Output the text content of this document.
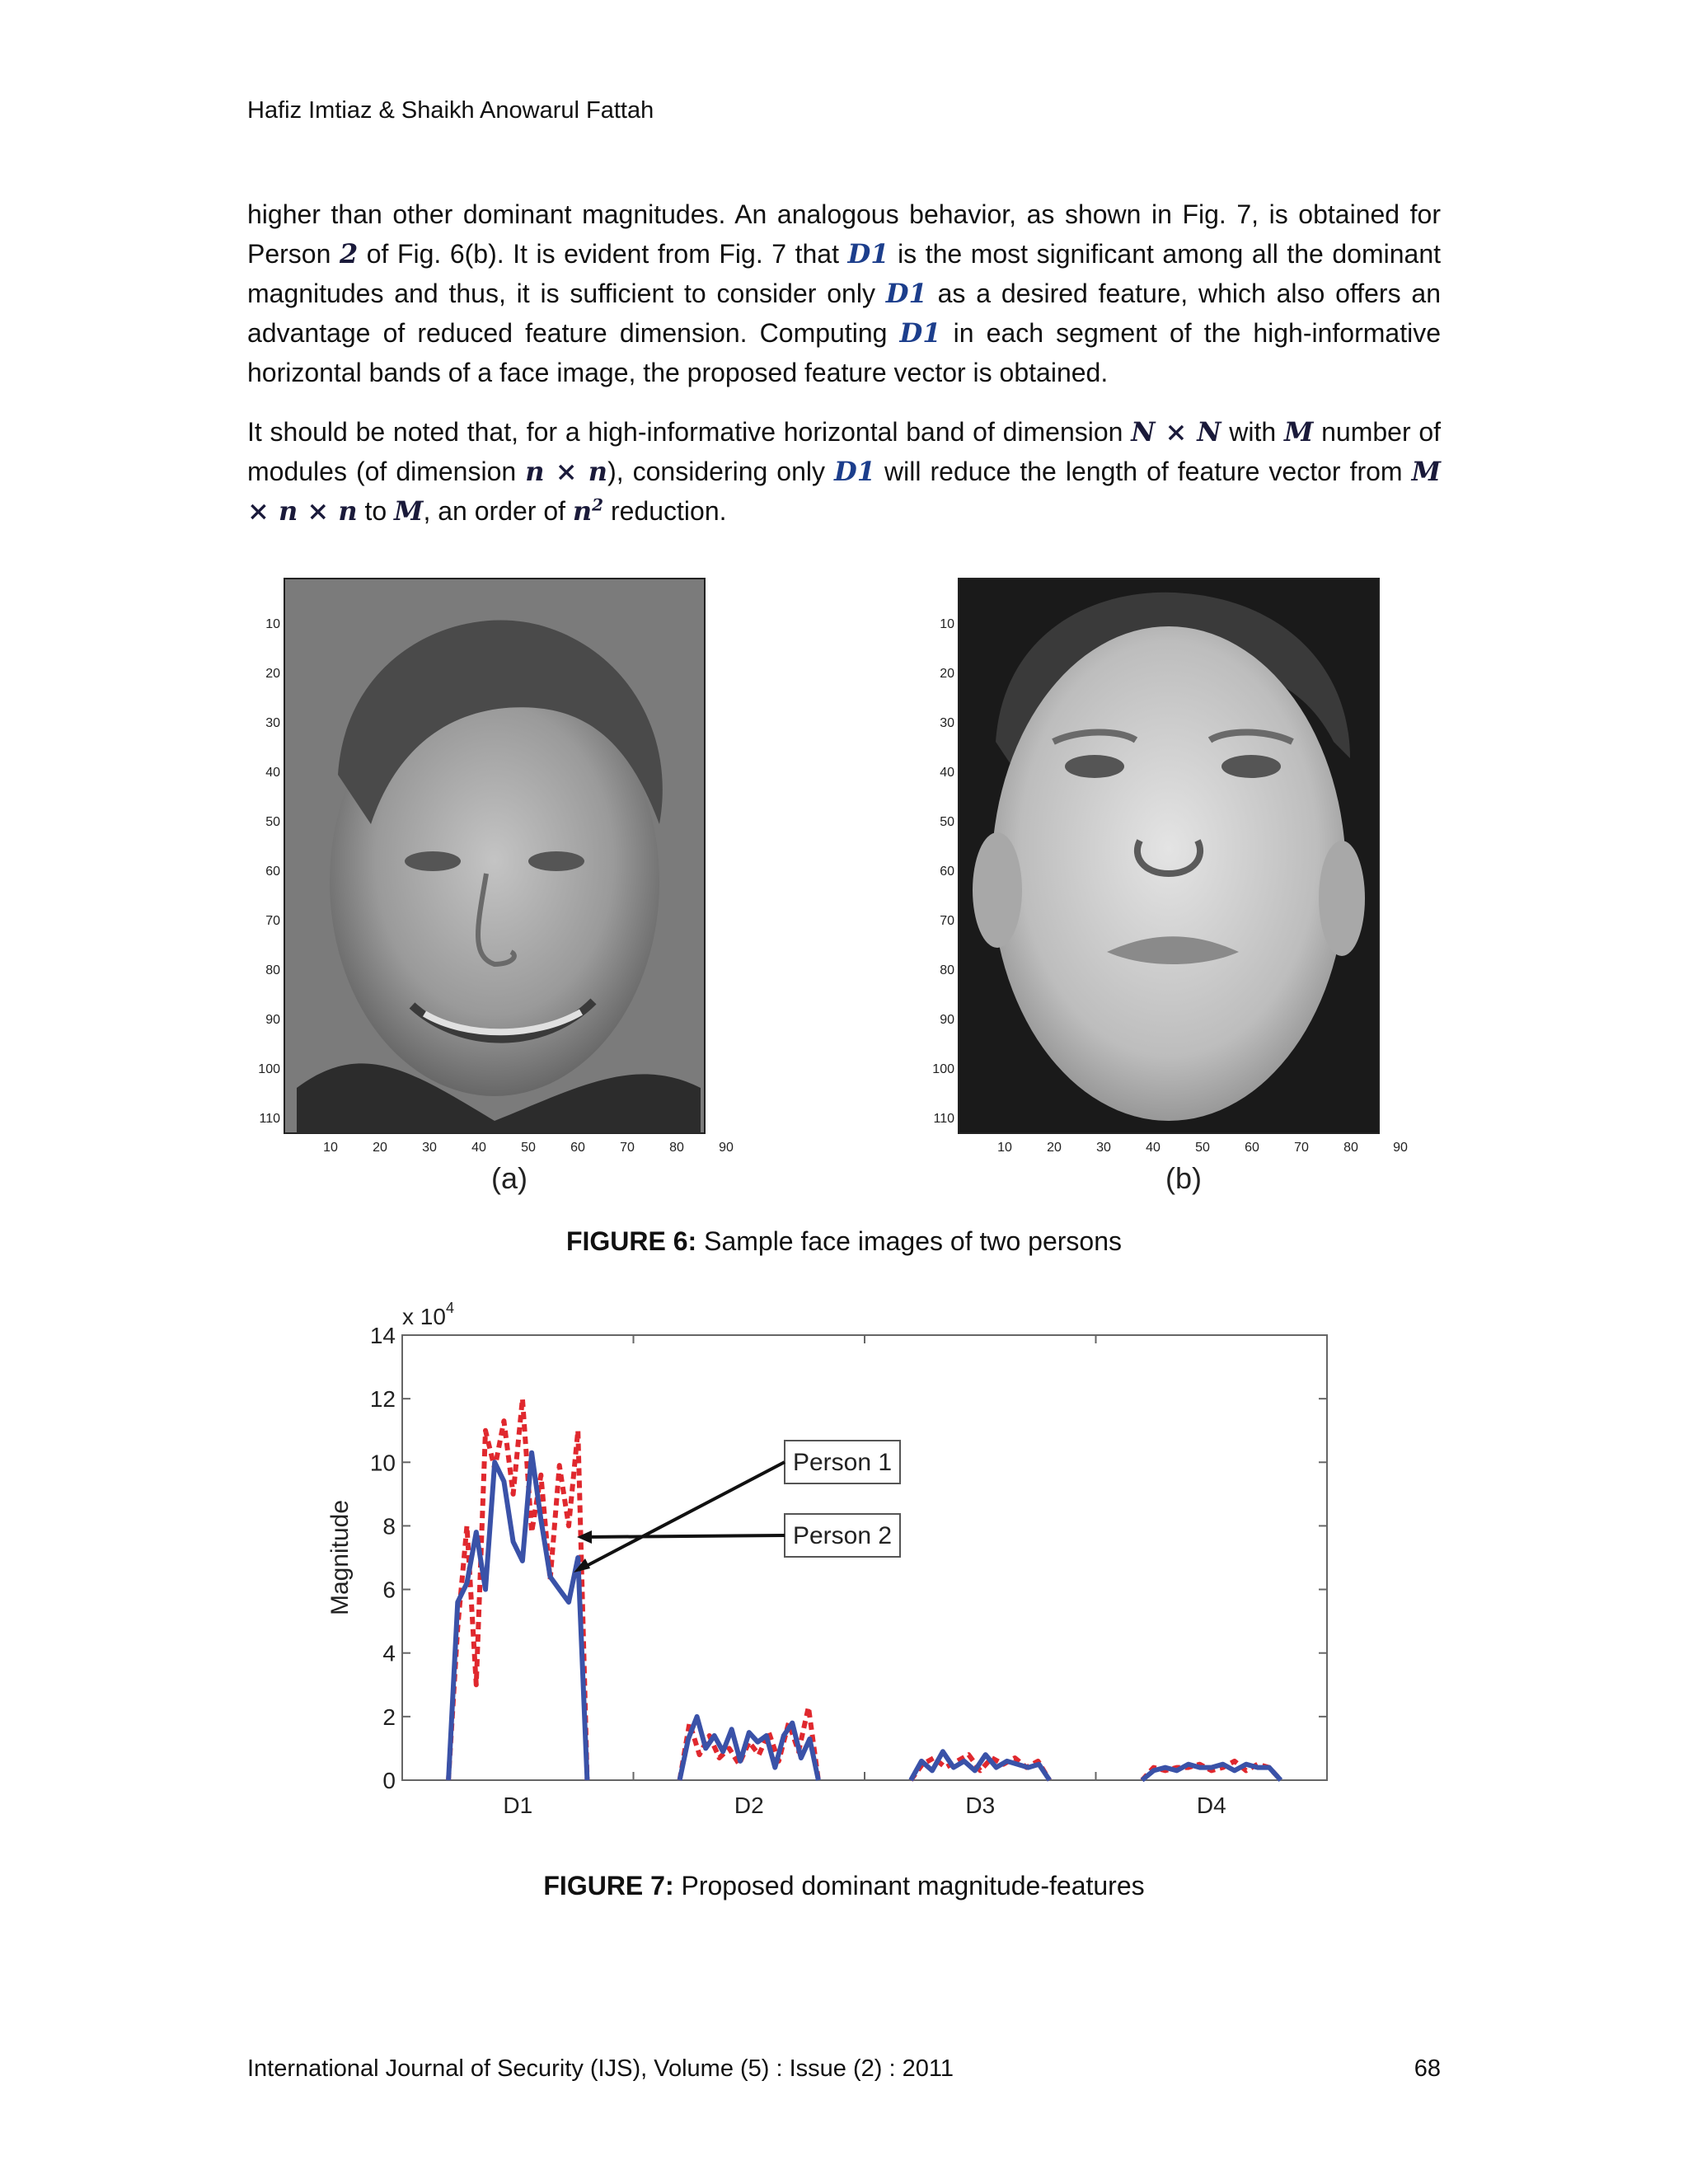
Hafiz Imtiaz & Shaikh Anowarul Fattah
higher than other dominant magnitudes. An analogous behavior, as shown in Fig. 7, is obtained for Person 2 of Fig. 6(b). It is evident from Fig. 7 that D1 is the most significant among all the dominant magnitudes and thus, it is sufficient to consider only D1 as a desired feature, which also offers an advantage of reduced feature dimension. Computing D1 in each segment of the high-informative horizontal bands of a face image, the proposed feature vector is obtained.
It should be noted that, for a high-informative horizontal band of dimension N × N with M number of modules (of dimension n × n), considering only D1 will reduce the length of feature vector from M × n × n to M, an order of $n^2$ reduction.
10
20
30
40
50
60
70
80
90
100
110
10	20	30	40	50	60	70	80	90
(a)
10
20
30
40
50
60
70
80
90
100
110
10	20	30	40	50	60	70	80	90
(b)
FIGURE 6: Sample face images of two persons
0
2
4
6
8
10
12
14
D1	D2	D3	D4
Magnitude
x $10^4$
Person 1
Person 2
FIGURE 7: Proposed dominant magnitude-features
International Journal of Security (IJS), Volume (5) : Issue (2) : 2011	68
